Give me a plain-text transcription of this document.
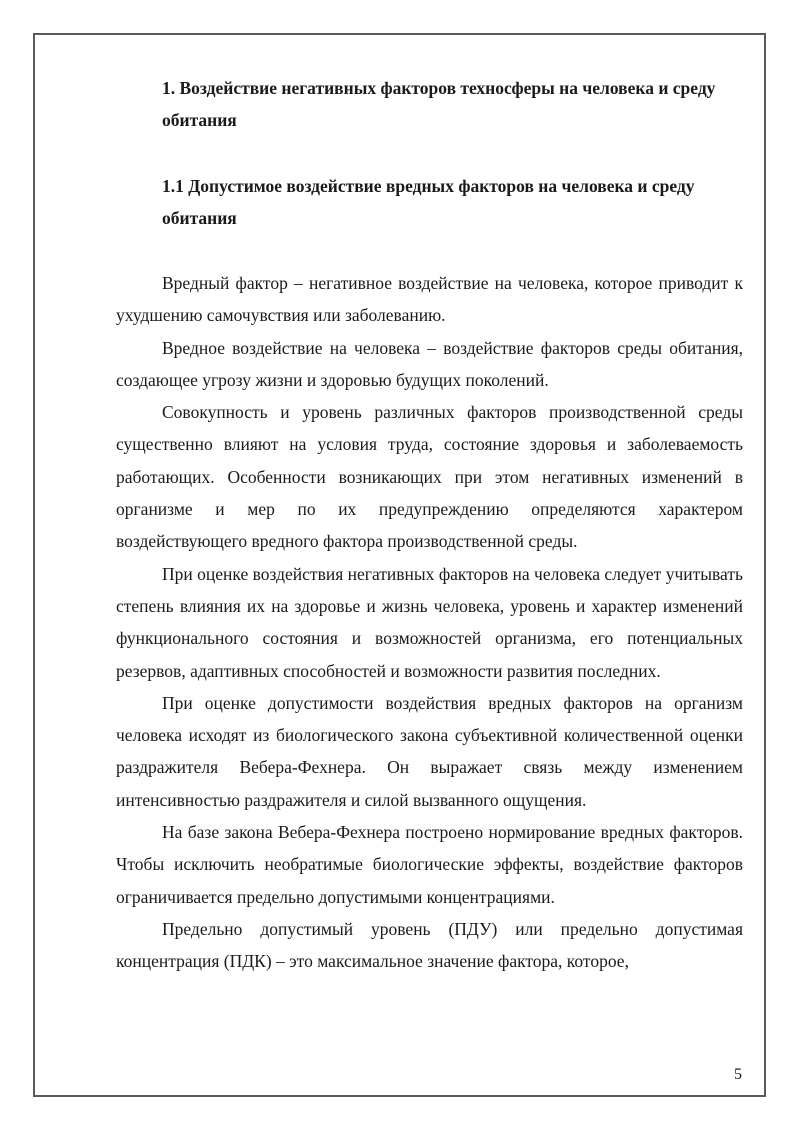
1. Воздействие негативных факторов техносферы на человека и среду обитания
1.1 Допустимое воздействие вредных факторов на человека и среду обитания

Вредный фактор – негативное воздействие на человека, которое приводит к ухудшению самочувствия или заболеванию.

Вредное воздействие на человека – воздействие факторов среды обитания, создающее угрозу жизни и здоровью будущих поколений.

Совокупность и уровень различных факторов производственной среды существенно влияют на условия труда, состояние здоровья и заболеваемость работающих. Особенности возникающих при этом негативных изменений в организме и мер по их предупреждению определяются характером воздействующего вредного фактора производственной среды.

При оценке воздействия негативных факторов на человека следует учитывать степень влияния их на здоровье и жизнь человека, уровень и характер изменений функционального состояния и возможностей организма, его потенциальных резервов, адаптивных способностей и возможности развития последних.

При оценке допустимости воздействия вредных факторов на организм человека исходят из биологического закона субъективной количественной оценки раздражителя Вебера-Фехнера. Он выражает связь между изменением интенсивностью раздражителя и силой вызванного ощущения.

На базе закона Вебера-Фехнера построено нормирование вредных факторов. Чтобы исключить необратимые биологические эффекты, воздействие факторов ограничивается предельно допустимыми концентрациями.

Предельно допустимый уровень (ПДУ) или предельно допустимая концентрация (ПДК) – это максимальное значение фактора, которое,

5
